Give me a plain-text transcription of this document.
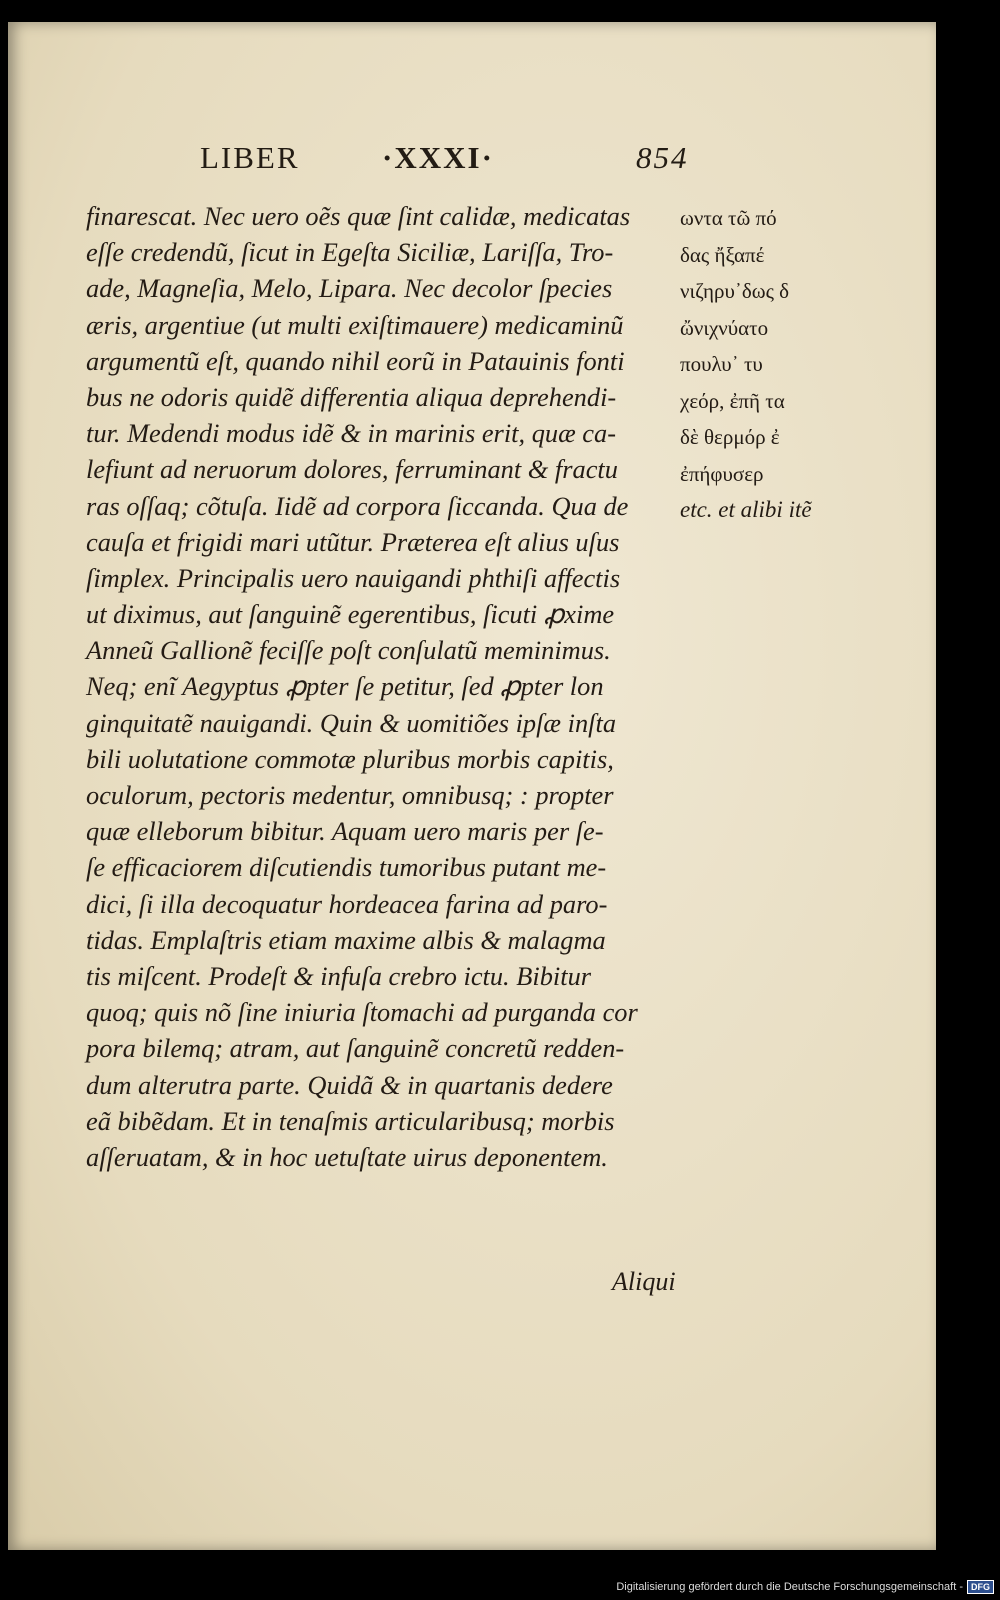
LIBER	·XXXI·	854
finarescat. Nec uero oẽs quæ ſint calidæ, medicatas
eſſe credendũ, ſicut in Egeſta Siciliæ, Lariſſa, Tro-
ade, Magneſia, Melo, Lipara. Nec decolor ſpecies
æris, argentiue (ut multi exiſtimauere) medicaminũ
argumentũ eſt, quando nihil eorũ in Patauinis fonti
bus ne odoris quidẽ differentia aliqua deprehendi-
tur. Medendi modus idẽ & in marinis erit, quæ ca-
lefiunt ad neruorum dolores, ferruminant & fractu
ras oſſaq; cõtuſa. Iidẽ ad corpora ſiccanda. Qua de
cauſa et frigidi mari utũtur. Præterea eſt alius uſus
ſimplex. Principalis uero nauigandi phthiſi affectis
ut diximus, aut ſanguinẽ egerentibus, ſicuti ꝓxime
Anneũ Gallionẽ feciſſe poſt conſulatũ meminimus.
Neq; enĩ Aegyptus ꝓpter ſe petitur, ſed ꝓpter lon
ginquitatẽ nauigandi. Quin & uomitiões ipſæ inſta
bili uolutatione commotæ pluribus morbis capitis,
oculorum, pectoris medentur, omnibusq; : propter
quæ elleborum bibitur. Aquam uero maris per ſe-
ſe efficaciorem diſcutiendis tumoribus putant me-
dici, ſi illa decoquatur hordeacea farina ad paro-
tidas. Emplaſtris etiam maxime albis & malagma
tis miſcent. Prodeſt & infuſa crebro ictu. Bibitur
quoq; quis nõ ſine iniuria ſtomachi ad purganda cor
pora bilemq; atram, aut ſanguinẽ concretũ redden-
dum alterutra parte. Quidã & in quartanis dedere
eã bibẽdam. Et in tenaſmis articularibusq; morbis
aſſeruatam, & in hoc uetuſtate uirus deponentem.
Aliqui
ωντα τῶ πό
δας ἤξαπέ
νιζηρυ᾿δως δ
ὤνιχνύατο
πουλυ᾿ τυ
χεόρ, ἐπῆ τα
δὲ θερμόρ ἐ
ἐπήφυσερ
etc. et alibi itẽ
Digitalisierung gefördert durch die Deutsche Forschungsgemeinschaft - DFG
